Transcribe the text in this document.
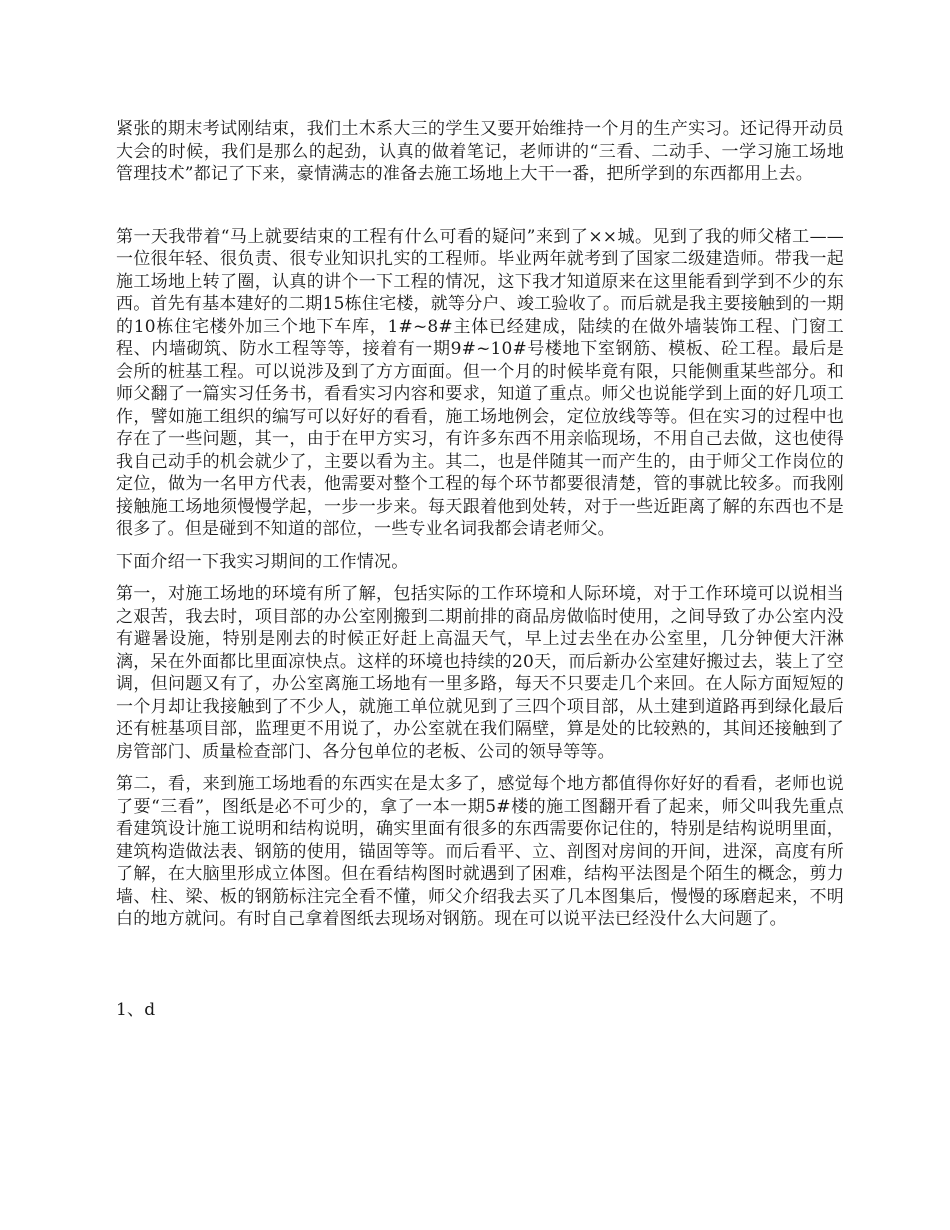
紧张的期末考试刚结束，我们土木系大三的学生又要开始维持一个月的生产实习。还记得开动员大会的时候，我们是那么的起劲，认真的做着笔记，老师讲的“三看、二动手、一学习施工场地管理技术”都记了下来，豪情满志的准备去施工场地上大干一番，把所学到的东西都用上去。

第一天我带着“马上就要结束的工程有什么可看的疑问”来到了××城。见到了我的师父楮工——一位很年轻、很负责、很专业知识扎实的工程师。毕业两年就考到了国家二级建造师。带我一起施工场地上转了圈，认真的讲个一下工程的情况，这下我才知道原来在这里能看到学到不少的东西。首先有基本建好的二期15栋住宅楼，就等分户、竣工验收了。而后就是我主要接触到的一期的10栋住宅楼外加三个地下车库，1#~8#主体已经建成，陆续的在做外墙装饰工程、门窗工程、内墙砌筑、防水工程等等，接着有一期9#~10#号楼地下室钢筋、模板、砼工程。最后是会所的桩基工程。可以说涉及到了方方面面。但一个月的时候毕竟有限，只能侧重某些部分。和师父翻了一篇实习任务书，看看实习内容和要求，知道了重点。师父也说能学到上面的好几项工作，譬如施工组织的编写可以好好的看看，施工场地例会，定位放线等等。但在实习的过程中也存在了一些问题，其一，由于在甲方实习，有许多东西不用亲临现场，不用自己去做，这也使得我自己动手的机会就少了，主要以看为主。其二，也是伴随其一而产生的，由于师父工作岗位的定位，做为一名甲方代表，他需要对整个工程的每个环节都要很清楚，管的事就比较多。而我刚接触施工场地须慢慢学起，一步一步来。每天跟着他到处转，对于一些近距离了解的东西也不是很多了。但是碰到不知道的部位，一些专业名词我都会请老师父。

下面介绍一下我实习期间的工作情况。

第一，对施工场地的环境有所了解，包括实际的工作环境和人际环境，对于工作环境可以说相当之艰苦，我去时，项目部的办公室刚搬到二期前排的商品房做临时使用，之间导致了办公室内没有避暑设施，特别是刚去的时候正好赶上高温天气，早上过去坐在办公室里，几分钟便大汗淋漓，呆在外面都比里面凉快点。这样的环境也持续的20天，而后新办公室建好搬过去，装上了空调，但问题又有了，办公室离施工场地有一里多路，每天不只要走几个来回。在人际方面短短的一个月却让我接触到了不少人，就施工单位就见到了三四个项目部，从土建到道路再到绿化最后还有桩基项目部，监理更不用说了，办公室就在我们隔壁，算是处的比较熟的，其间还接触到了房管部门、质量检查部门、各分包单位的老板、公司的领导等等。

第二，看，来到施工场地看的东西实在是太多了，感觉每个地方都值得你好好的看看，老师也说了要“三看”，图纸是必不可少的，拿了一本一期5#楼的施工图翻开看了起来，师父叫我先重点看建筑设计施工说明和结构说明，确实里面有很多的东西需要你记住的，特别是结构说明里面，建筑构造做法表、钢筋的使用，锚固等等。而后看平、立、剖图对房间的开间，进深，高度有所了解，在大脑里形成立体图。但在看结构图时就遇到了困难，结构平法图是个陌生的概念，剪力墙、柱、梁、板的钢筋标注完全看不懂，师父介绍我去买了几本图集后，慢慢的琢磨起来，不明白的地方就问。有时自己拿着图纸去现场对钢筋。现在可以说平法已经没什么大问题了。

1、d
